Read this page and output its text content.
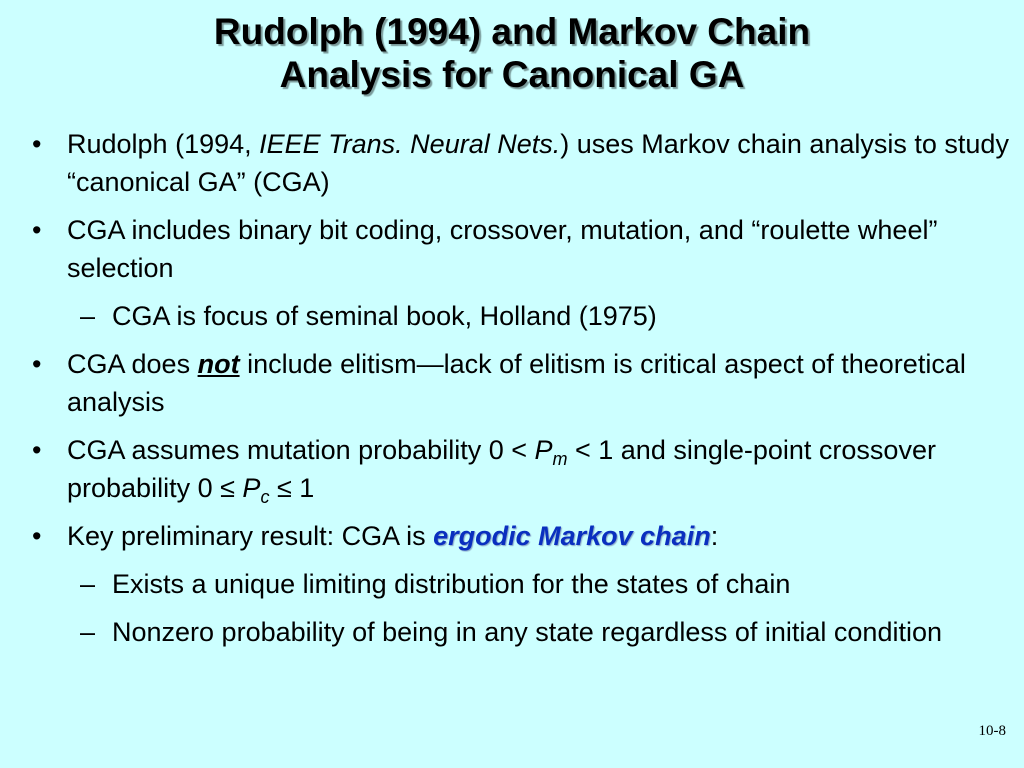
Rudolph (1994) and Markov Chain
Analysis for Canonical GA
• Rudolph (1994, IEEE Trans. Neural Nets.) uses Markov chain analysis to study “canonical GA” (CGA)
• CGA includes binary bit coding, crossover, mutation, and “roulette wheel” selection
– CGA is focus of seminal book, Holland (1975)
• CGA does not include elitism—lack of elitism is critical aspect of theoretical analysis
• CGA assumes mutation probability $0 < P_m < 1$ and single-point crossover probability $0 \le P_c \le 1$
• Key preliminary result: CGA is ergodic Markov chain:
– Exists a unique limiting distribution for the states of chain
– Nonzero probability of being in any state regardless of initial condition
10-8
